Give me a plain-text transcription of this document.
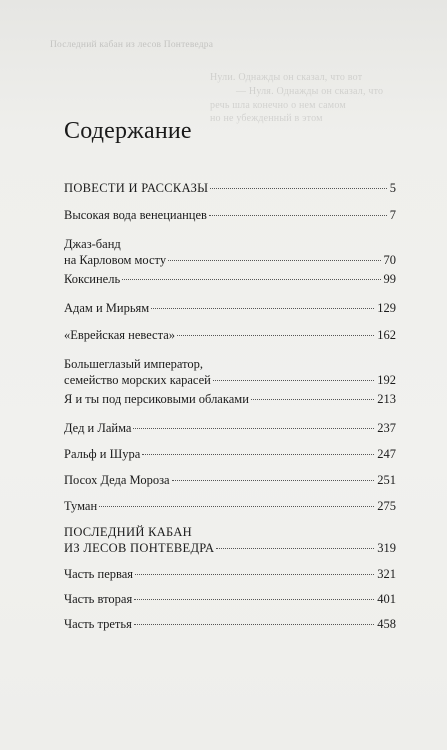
Последний кабан из лесов Понтеведра
Нули. Однажды он сказал, что вот
— Нуля. Однажды он сказал, что
речь шла конечно о нем самом
но не убежденный в этом
Содержание
ПОВЕСТИ И РАССКАЗЫ	5
Высокая вода венецианцев	7
Джаз-банд
на Карловом мосту	70
Коксинель	99
Адам и Мирьям	129
«Еврейская невеста»	162
Большеглазый император,
семейство морских карасей	192
Я и ты под персиковыми облаками	213
Дед и Лайма	237
Ральф и Шура	247
Посох Деда Мороза	251
Туман	275
ПОСЛЕДНИЙ КАБАН
ИЗ ЛЕСОВ ПОНТЕВЕДРА	319
Часть первая	321
Часть вторая	401
Часть третья	458
